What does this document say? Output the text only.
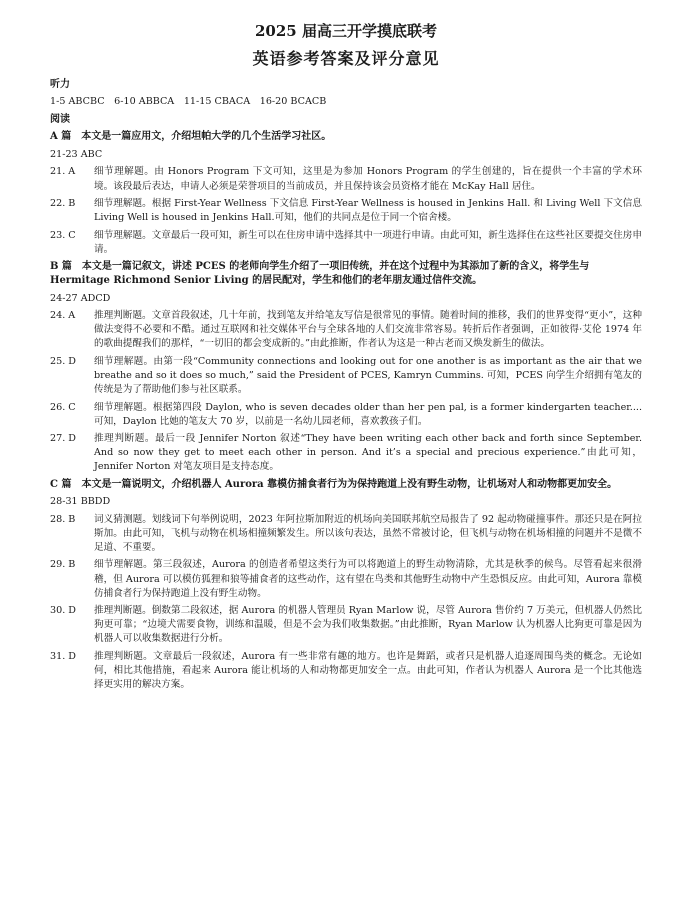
2025 届高三开学摸底联考
英语参考答案及评分意见
听力
1-5 ABCBC　6-10 ABBCA　11-15 CBACA　16-20 BCACB
阅读
A 篇　本文是一篇应用文，介绍坦帕大学的几个生活学习社区。
21-23 ABC
21. A	细节理解题。由 Honors Program 下文可知，这里是为参加 Honors Program 的学生创建的，旨在提供一个丰富的学术环境。该段最后表达，申请人必须是荣誉项目的当前成员，并且保持该会员资格才能在 McKay Hall 居住。
22. B	细节理解题。根据 First-Year Wellness 下文信息 First-Year Wellness is housed in Jenkins Hall. 和 Living Well 下文信息 Living Well is housed in Jenkins Hall.可知，他们的共同点是位于同一个宿舍楼。
23. C	细节理解题。文章最后一段可知，新生可以在住房申请中选择其中一项进行申请。由此可知，新生选择住在这些社区要提交住房申请。
B 篇　本文是一篇记叙文，讲述 PCES 的老师向学生介绍了一项旧传统，并在这个过程中为其添加了新的含义，将学生与 Hermitage Richmond Senior Living 的居民配对，学生和他们的老年朋友通过信件交流。
24-27 ADCD
24. A	推理判断题。文章首段叙述，几十年前，找到笔友并给笔友写信是很常见的事情。随着时间的推移，我们的世界变得“更小”，这种做法变得不必要和不酷。通过互联网和社交媒体平台与全球各地的人们交流非常容易。转折后作者强调，正如彼得·艾伦 1974 年的歌曲提醒我们的那样，“一切旧的都会变成新的。”由此推断，作者认为这是一种古老而又焕发新生的做法。
25. D	细节理解题。由第一段“Community connections and looking out for one another is as important as the air that we breathe and so it does so much,” said the President of PCES, Kamryn Cummins. 可知，PCES 向学生介绍拥有笔友的传统是为了帮助他们参与社区联系。
26. C	细节理解题。根据第四段 Daylon, who is seven decades older than her pen pal, is a former kindergarten teacher....可知，Daylon 比她的笔友大 70 岁，以前是一名幼儿园老师，喜欢教孩子们。
27. D	推理判断题。最后一段 Jennifer Norton 叙述“They have been writing each other back and forth since September. And so now they get to meet each other in person. And it’s a special and precious experience.”由此可知，Jennifer Norton 对笔友项目是支持态度。
C 篇　本文是一篇说明文，介绍机器人 Aurora 靠模仿捕食者行为为保持跑道上没有野生动物，让机场对人和动物都更加安全。
28-31 BBDD
28. B	词义猜测题。划线词下句举例说明，2023 年阿拉斯加附近的机场向美国联邦航空局报告了 92 起动物碰撞事件。那还只是在阿拉斯加。由此可知，飞机与动物在机场相撞频繁发生。所以该句表达，虽然不常被讨论，但飞机与动物在机场相撞的问题并不是微不足道、不重要。
29. B	细节理解题。第三段叙述，Aurora 的创造者希望这类行为可以将跑道上的野生动物清除，尤其是秋季的候鸟。尽管看起来很滑稽，但 Aurora 可以模仿狐狸和狼等捕食者的这些动作，这有望在鸟类和其他野生动物中产生恐惧反应。由此可知，Aurora 靠模仿捕食者行为保持跑道上没有野生动物。
30. D	推理判断题。倒数第二段叙述，据 Aurora 的机器人管理员 Ryan Marlow 说，尽管 Aurora 售价约 7 万美元，但机器人仍然比狗更可靠；“边境犬需要食物，训练和温暖，但是不会为我们收集数据。”由此推断，Ryan Marlow 认为机器人比狗更可靠是因为机器人可以收集数据进行分析。
31. D	推理判断题。文章最后一段叙述，Aurora 有一些非常有趣的地方。也许是舞蹈，或者只是机器人追逐周围鸟类的概念。无论如何，相比其他措施，看起来 Aurora 能让机场的人和动物都更加安全一点。由此可知，作者认为机器人 Aurora 是一个比其他选择更实用的解决方案。
